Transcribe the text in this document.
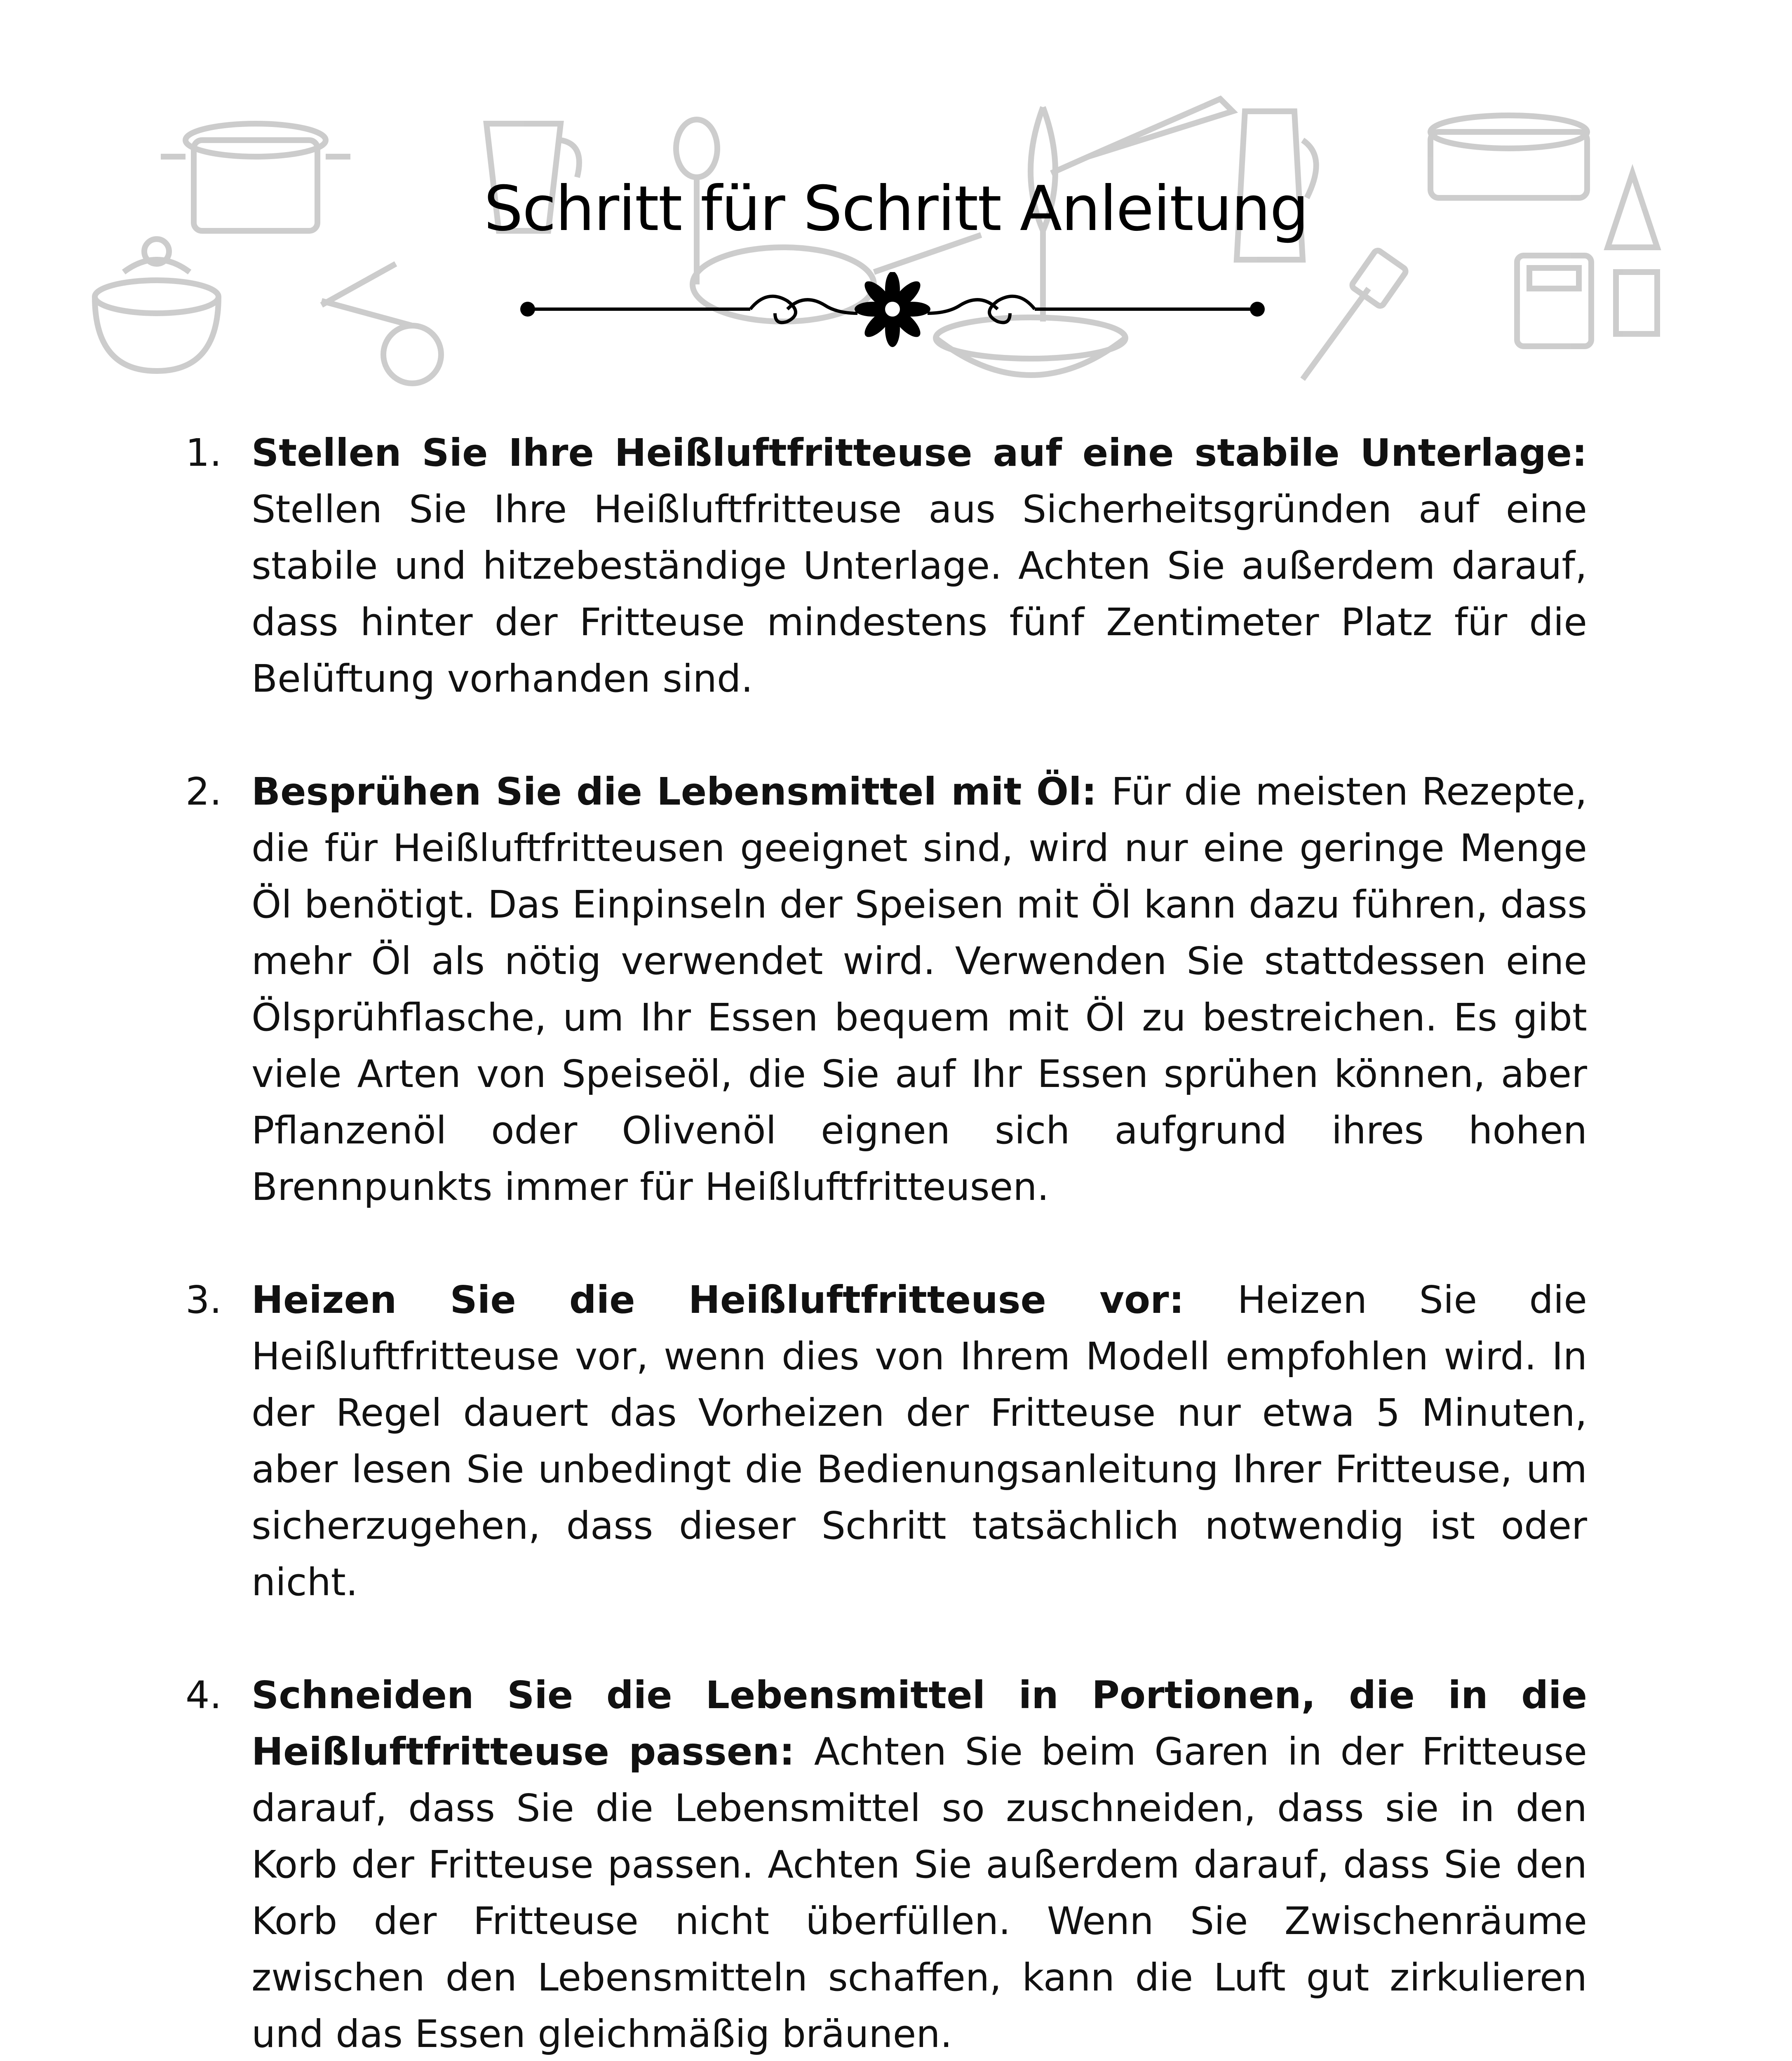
Schritt für Schritt Anleitung
1. Stellen Sie Ihre Heißluftfritteuse auf eine stabile Unterlage: Stellen Sie Ihre Heißluftfritteuse aus Sicherheitsgründen auf eine stabile und hitzebeständige Unterlage. Achten Sie außerdem darauf, dass hinter der Fritteuse mindestens fünf Zentimeter Platz für die Belüftung vorhanden sind.
2. Besprühen Sie die Lebensmittel mit Öl: Für die meisten Rezepte, die für Heißluftfritteusen geeignet sind, wird nur eine geringe Menge Öl benötigt. Das Einpinseln der Speisen mit Öl kann dazu führen, dass mehr Öl als nötig verwendet wird. Verwenden Sie stattdessen eine Ölsprühflasche, um Ihr Essen bequem mit Öl zu bestreichen. Es gibt viele Arten von Speiseöl, die Sie auf Ihr Essen sprühen können, aber Pflanzenöl oder Olivenöl eignen sich aufgrund ihres hohen Brennpunkts immer für Heißluftfritteusen.
3. Heizen Sie die Heißluftfritteuse vor: Heizen Sie die Heißluftfritteuse vor, wenn dies von Ihrem Modell empfohlen wird. In der Regel dauert das Vorheizen der Fritteuse nur etwa 5 Minuten, aber lesen Sie unbedingt die Bedienungsanleitung Ihrer Fritteuse, um sicherzugehen, dass dieser Schritt tatsächlich notwendig ist oder nicht.
4. Schneiden Sie die Lebensmittel in Portionen, die in die Heißluftfritteuse passen: Achten Sie beim Garen in der Fritteuse darauf, dass Sie die Lebensmittel so zuschneiden, dass sie in den Korb der Fritteuse passen. Achten Sie außerdem darauf, dass Sie den Korb der Fritteuse nicht überfüllen. Wenn Sie Zwischenräume zwischen den Lebensmitteln schaffen, kann die Luft gut zirkulieren und das Essen gleichmäßig bräunen.
